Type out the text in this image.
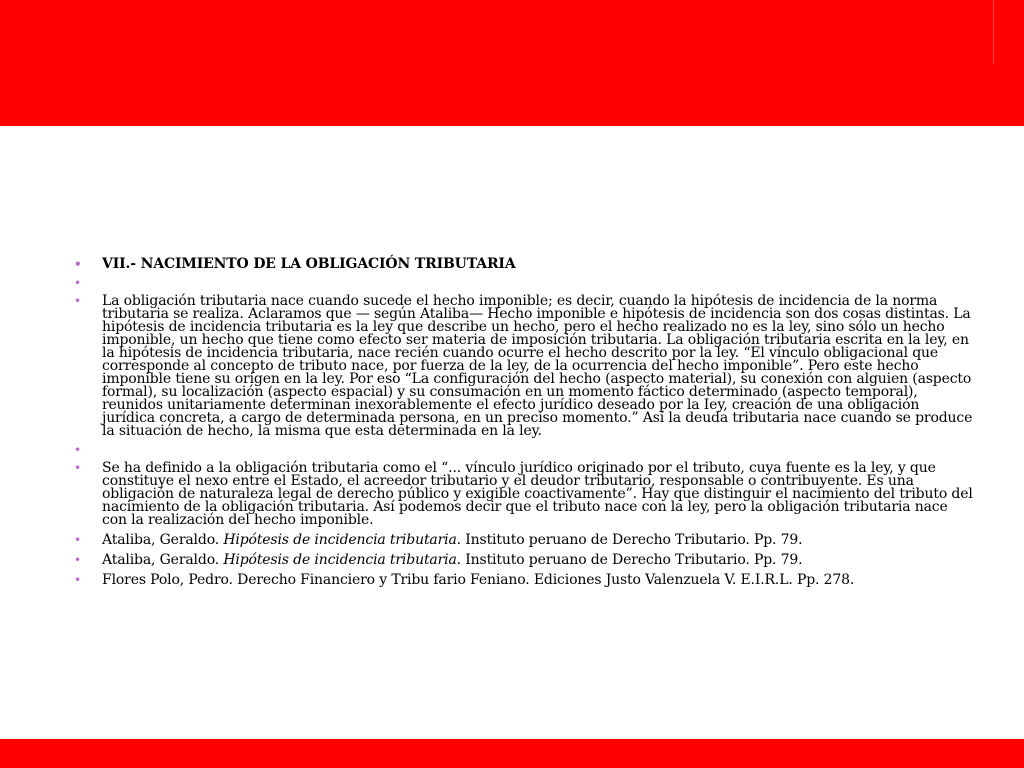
• VII.- NACIMIENTO DE LA OBLIGACIÓN TRIBUTARIA
•
• La obligación tributaria nace cuando sucede el hecho imponible; es decir, cuando la hipótesis de incidencia de la norma tributaria se realiza. Aclaramos que — según Ataliba— Hecho imponible e hipótesis de incidencia son dos cosas distintas. La hipótesis de incidencia tributaria es la ley que describe un hecho, pero el hecho realizado no es la ley, sino sólo un hecho imponible, un hecho que tiene como efecto ser materia de imposición tributaria. La obligación tributaria escrita en la ley, en la hipótesis de incidencia tributaria, nace recién cuando ocurre el hecho descrito por la ley. “El vínculo obligacional que corresponde al concepto de tributo nace, por fuerza de la ley, de la ocurrencia del hecho imponible”. Pero este hecho imponible tiene su origen en la ley. Por eso “La configuración del hecho (aspecto material), su conexión con alguien (aspecto formal), su localización (aspecto espacial) y su consumación en un momento fáctico determinado (aspecto temporal), reunidos unitariamente determinan inexorablemente el efecto jurídico deseado por la Iey, creación de una obligación jurídica concreta, a cargo de determinada persona, en un preciso momento.” Así la deuda tributaria nace cuando se produce la situación de hecho, la misma que esta determinada en la ley.
•
• Se ha definido a la obligación tributaria como el “... vínculo jurídico originado por el tributo, cuya fuente es la ley, y que constituye el nexo entre el Estado, el acreedor tributario y el deudor tributario, responsable o contribuyente. Es una obligación de naturaleza legal de derecho público y exigible coactivamente”. Hay que distinguir el nacimiento del tributo del nacimiento de la obligación tributaria. Así podemos decir que el tributo nace con la ley, pero la obligación tributaria nace con la realización del hecho imponible.
• Ataliba, Geraldo. Hipótesis de incidencia tributaria. Instituto peruano de Derecho Tributario. Pp. 79.
• Ataliba, Geraldo. Hipótesis de incidencia tributaria. Instituto peruano de Derecho Tributario. Pp. 79.
• Flores Polo, Pedro. Derecho Financiero y Tribu fario Feniano. Ediciones Justo Valenzuela V. E.I.R.L. Pp. 278.
